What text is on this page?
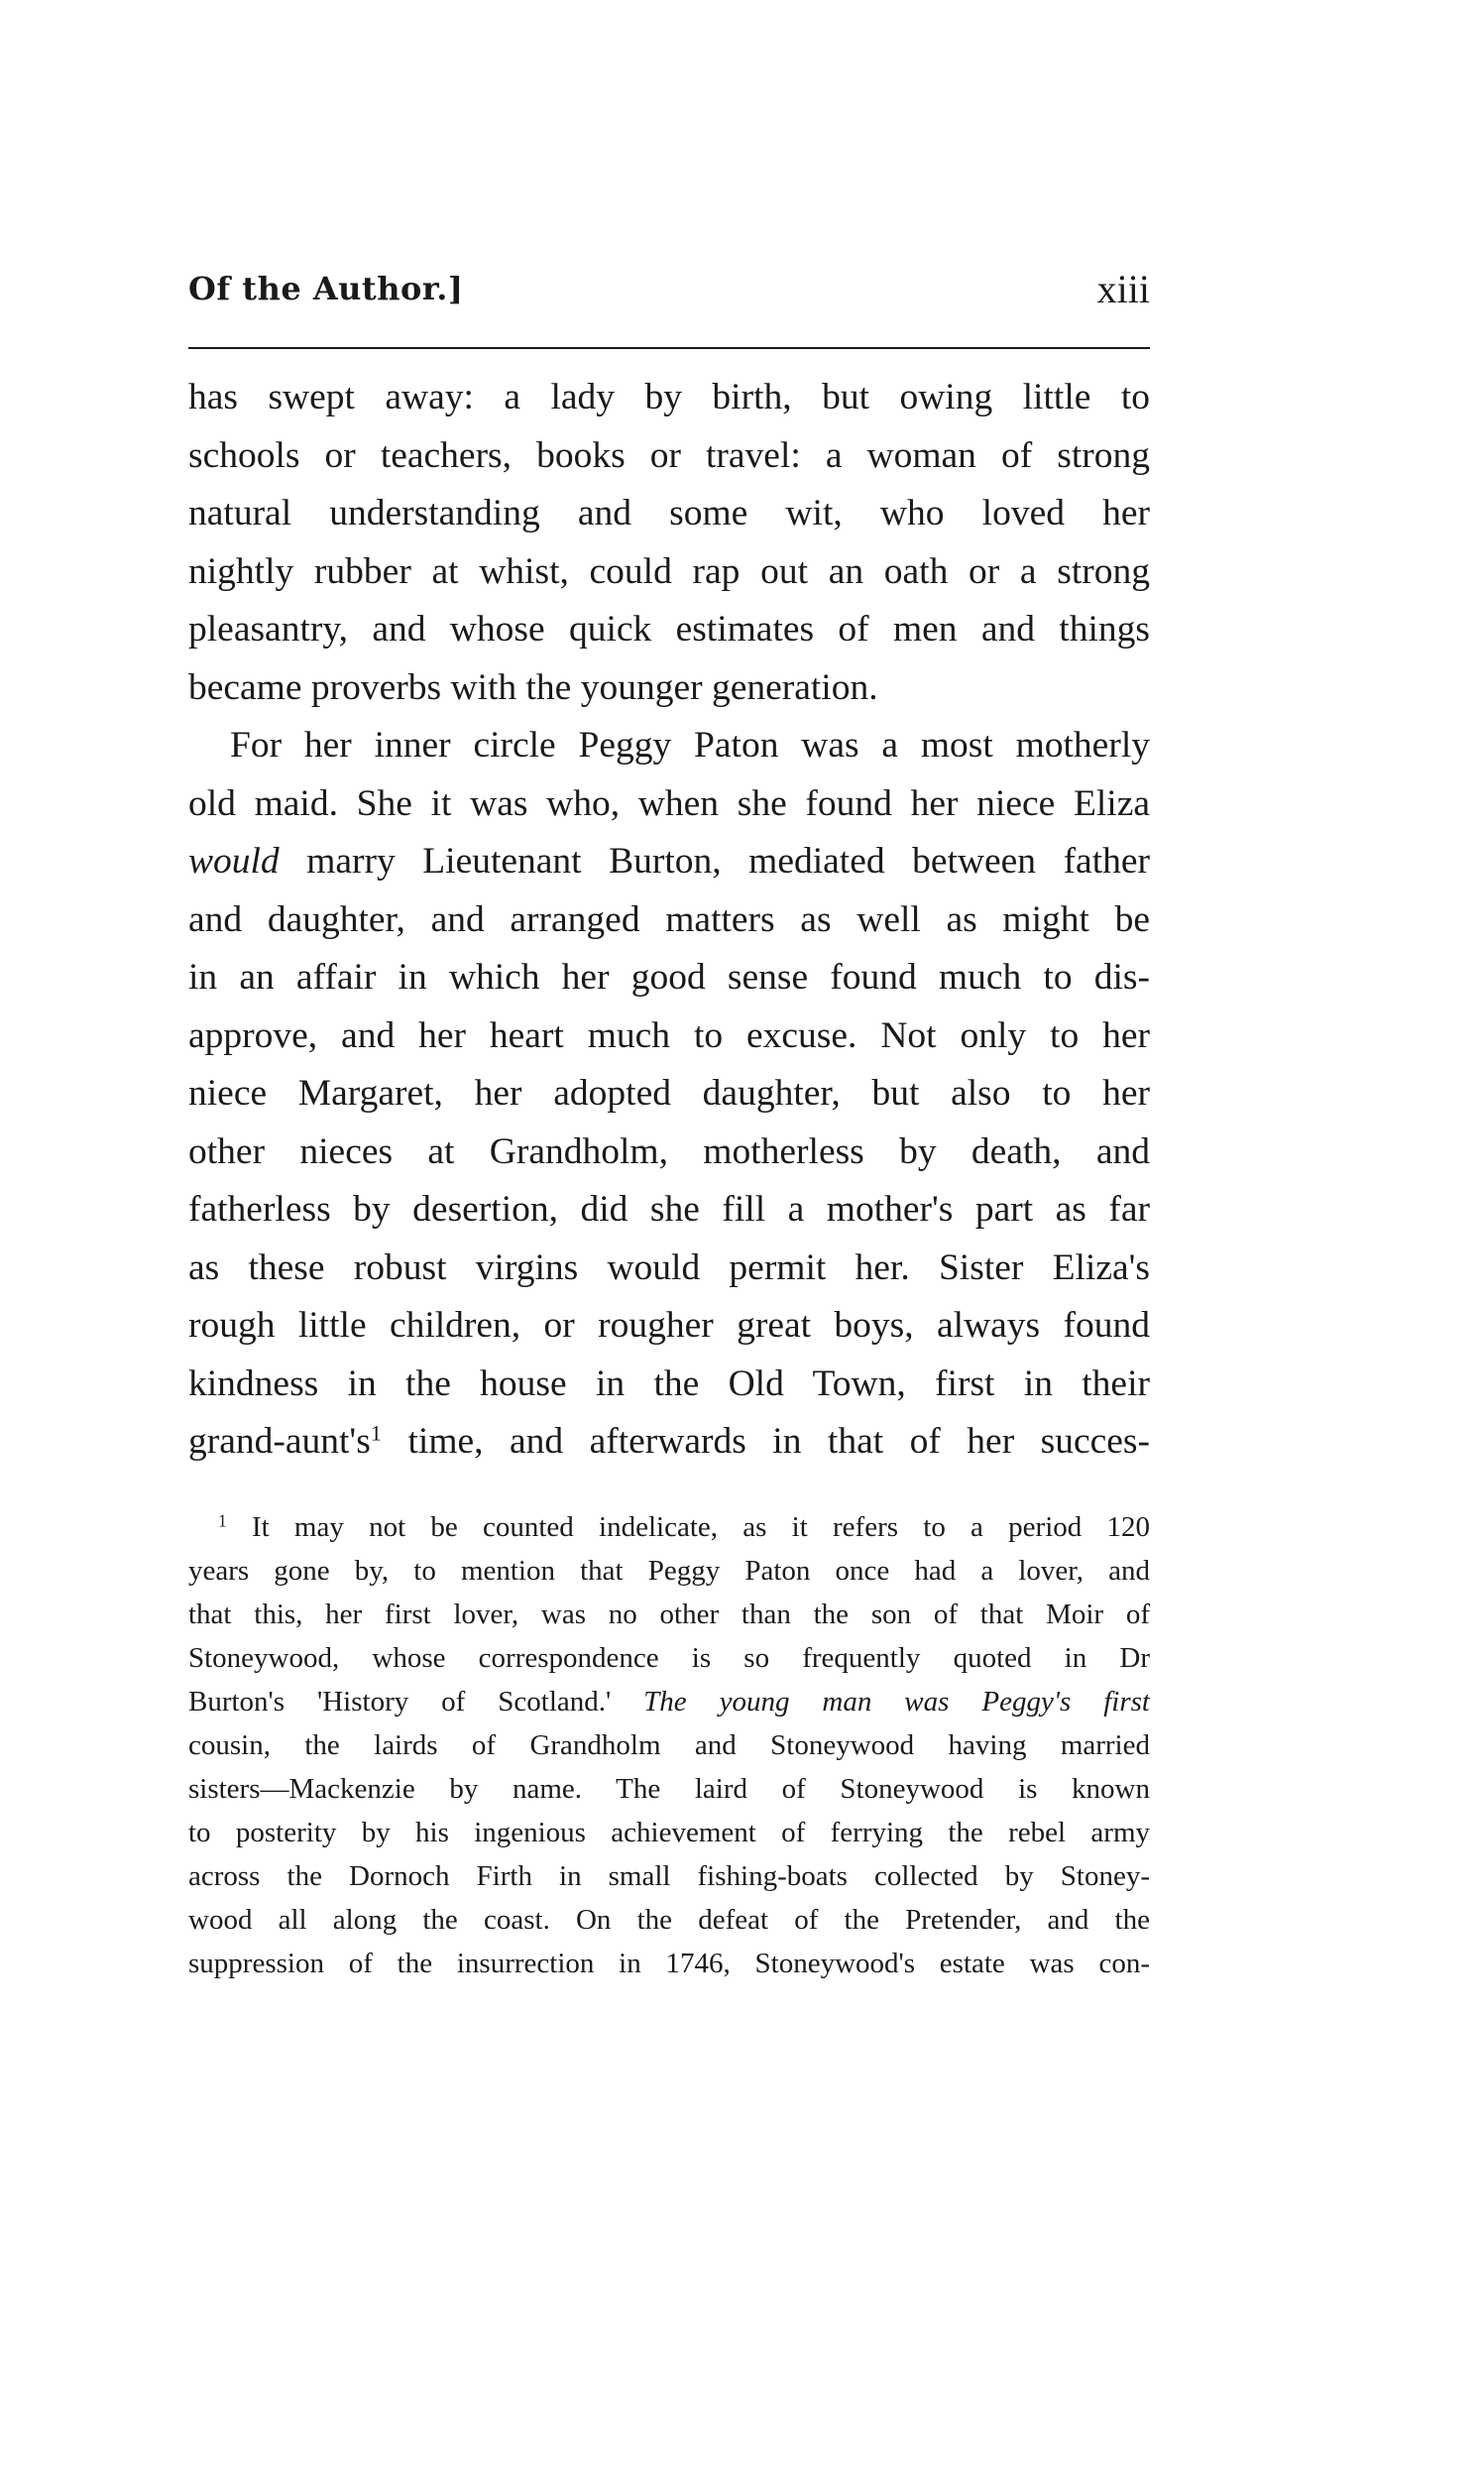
Of the Author.]	xiii
has swept away: a lady by birth, but owing little to
schools or teachers, books or travel: a woman of strong
natural understanding and some wit, who loved her
nightly rubber at whist, could rap out an oath or a strong
pleasantry, and whose quick estimates of men and things
became proverbs with the younger generation.
For her inner circle Peggy Paton was a most motherly
old maid. She it was who, when she found her niece Eliza
would marry Lieutenant Burton, mediated between father
and daughter, and arranged matters as well as might be
in an affair in which her good sense found much to dis-
approve, and her heart much to excuse. Not only to her
niece Margaret, her adopted daughter, but also to her
other nieces at Grandholm, motherless by death, and
fatherless by desertion, did she fill a mother's part as far
as these robust virgins would permit her. Sister Eliza's
rough little children, or rougher great boys, always found
kindness in the house in the Old Town, first in their
grand-$aunt's^1$ time, and afterwards in that of her succes-
$^1$ It may not be counted indelicate, as it refers to a period 120
years gone by, to mention that Peggy Paton once had a lover, and
that this, her first lover, was no other than the son of that Moir of
Stoneywood, whose correspondence is so frequently quoted in Dr
Burton's 'History of Scotland.' The young man was Peggy's first
cousin, the lairds of Grandholm and Stoneywood having married
sisters—Mackenzie by name. The laird of Stoneywood is known
to posterity by his ingenious achievement of ferrying the rebel army
across the Dornoch Firth in small fishing-boats collected by Stoney-
wood all along the coast. On the defeat of the Pretender, and the
suppression of the insurrection in 1746, Stoneywood's estate was con-
